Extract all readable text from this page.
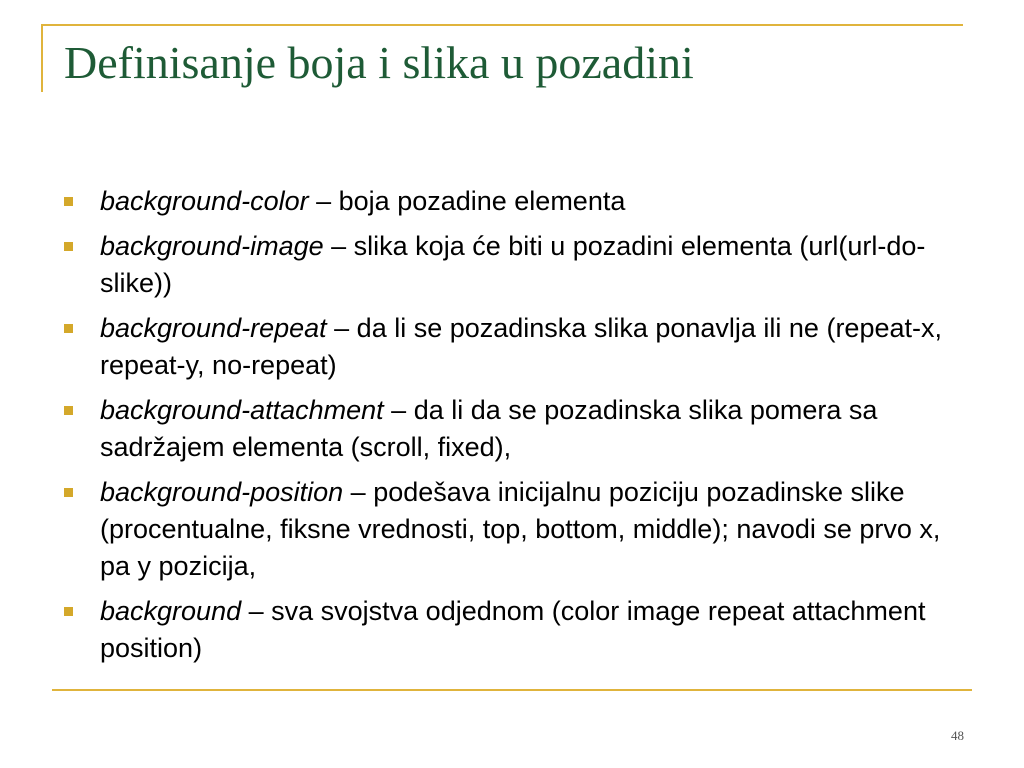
Definisanje boja i slika u pozadini
background-color – boja pozadine elementa
background-image – slika koja će biti u pozadini elementa (url(url-do-slike))
background-repeat – da li se pozadinska slika ponavlja ili ne (repeat-x, repeat-y, no-repeat)
background-attachment – da li da se pozadinska slika pomera sa sadržajem elementa (scroll, fixed),
background-position – podešava inicijalnu poziciju pozadinske slike (procentualne, fiksne vrednosti, top, bottom, middle); navodi se prvo x, pa y pozicija,
background – sva svojstva odjednom (color image repeat attachment position)
48
